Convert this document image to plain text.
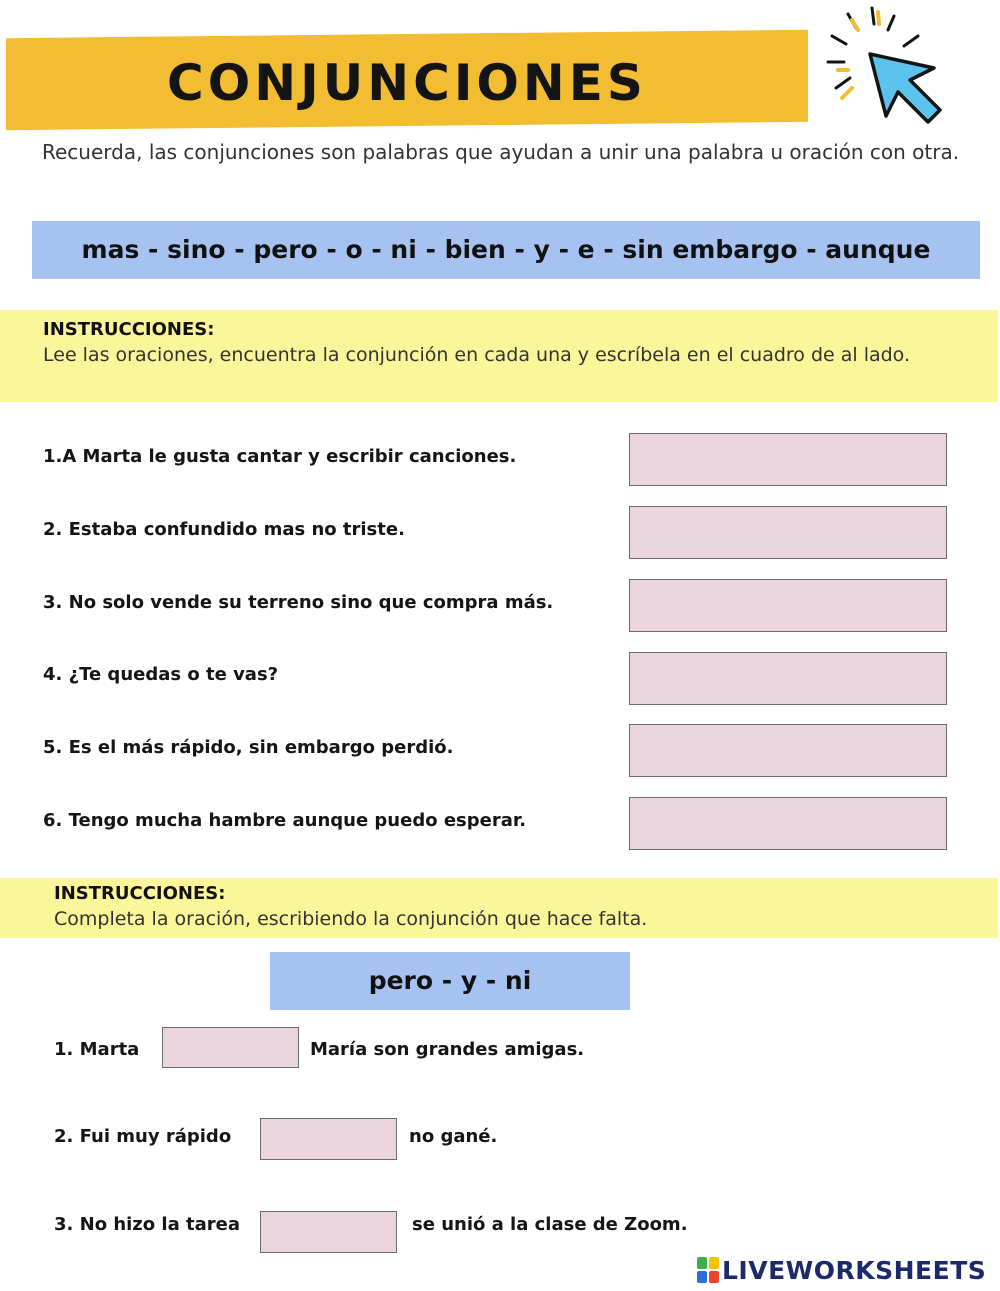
CONJUNCIONES
Recuerda, las conjunciones son palabras que ayudan a unir una palabra u oración con otra.
mas - sino - pero - o - ni - bien - y - e - sin embargo - aunque
INSTRUCCIONES:
Lee las oraciones, encuentra la conjunción en cada una y escríbela en el cuadro de al lado.
1.A Marta le gusta cantar y escribir canciones.
2. Estaba confundido mas no triste.
3. No solo vende su terreno sino que compra más.
4. ¿Te quedas o te vas?
5. Es el más rápido, sin embargo perdió.
6. Tengo mucha hambre aunque puedo esperar.
INSTRUCCIONES:
Completa la oración, escribiendo la conjunción que hace falta.
pero - y - ni
1. Marta	María son grandes amigas.
2. Fui muy rápido	no gané.
3. No hizo la tarea	se unió a la clase de Zoom.
LIVEWORKSHEETS
